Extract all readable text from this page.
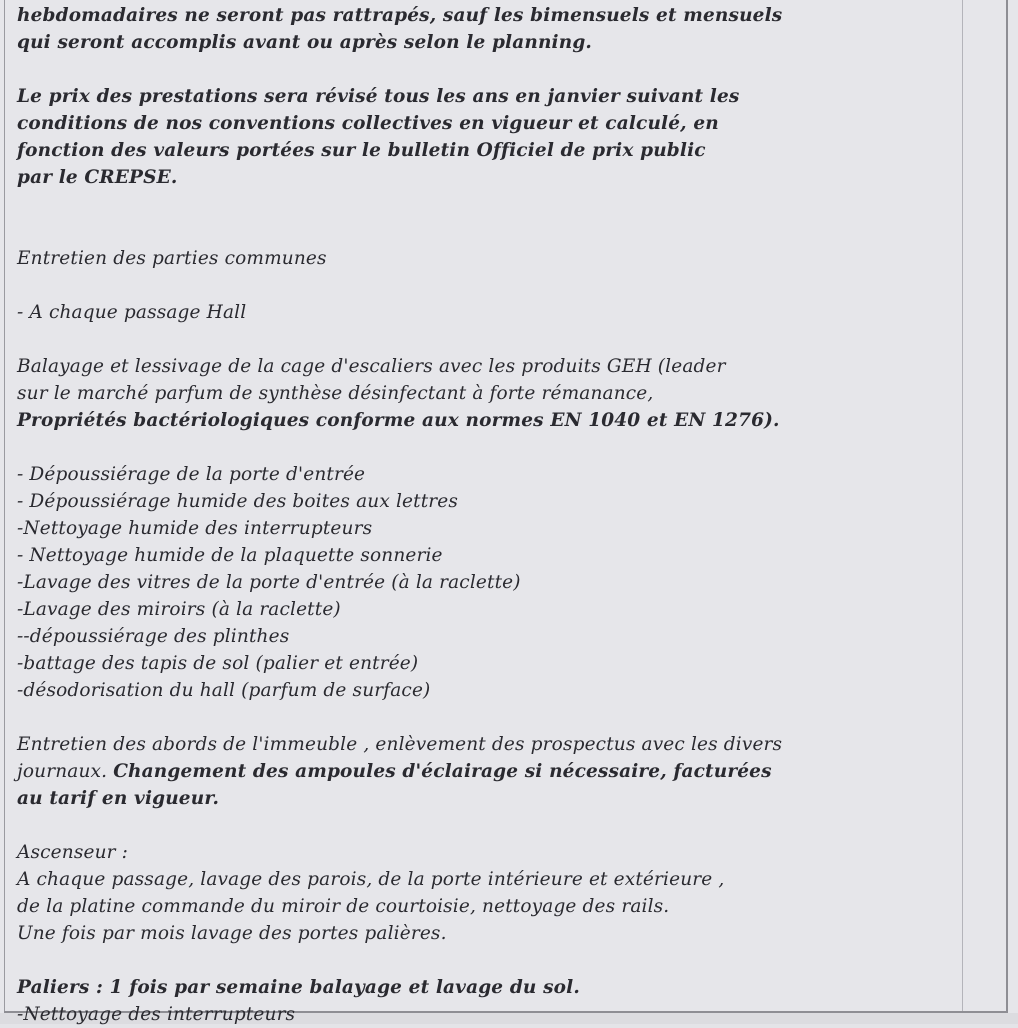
hebdomadaires ne seront pas rattrapés, sauf les bimensuels et mensuels
qui seront accomplis avant ou après selon le planning.
Le prix des prestations sera révisé tous les ans en janvier suivant les
conditions de nos conventions collectives en vigueur et calculé, en
fonction des valeurs portées sur le bulletin Officiel de prix public
par le CREPSE.
Entretien des parties communes
- A chaque passage Hall
Balayage et lessivage de la cage d'escaliers avec les produits GEH (leader
sur le marché parfum de synthèse désinfectant à forte rémanance,
Propriétés bactériologiques conforme aux normes EN 1040 et EN 1276).
- Dépoussiérage de la porte d'entrée
- Dépoussiérage humide des boites aux lettres
-Nettoyage humide des interrupteurs
- Nettoyage humide de la plaquette sonnerie
-Lavage des vitres de la porte d'entrée (à la raclette)
-Lavage des miroirs (à la raclette)
--dépoussiérage des plinthes
-battage des tapis de sol (palier et entrée)
-désodorisation du hall (parfum de surface)
Entretien des abords de l'immeuble , enlèvement des prospectus avec les divers
journaux. Changement des ampoules d'éclairage si nécessaire, facturées
au tarif en vigueur.
Ascenseur :
A chaque passage, lavage des parois, de la porte intérieure et extérieure ,
de la platine commande du miroir de courtoisie, nettoyage des rails.
Une fois par mois lavage des portes palières.
Paliers : 1 fois par semaine balayage et lavage du sol.
-Nettoyage des interrupteurs
